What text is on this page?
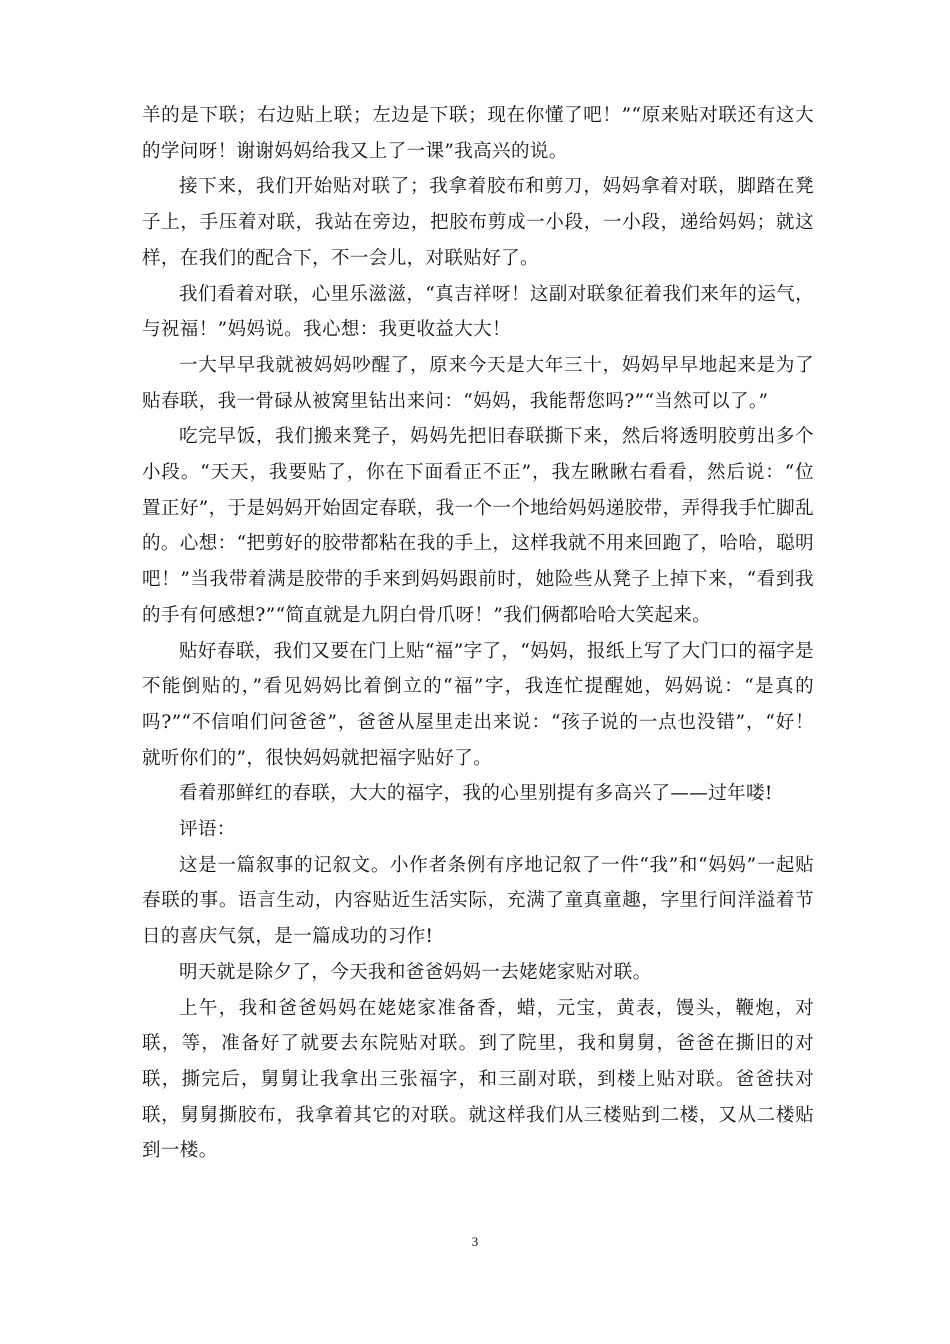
羊的是下联；右边贴上联；左边是下联；现在你懂了吧！”“原来贴对联还有这大的学问呀！谢谢妈妈给我又上了一课”我高兴的说。

接下来，我们开始贴对联了；我拿着胶布和剪刀，妈妈拿着对联，脚踏在凳子上，手压着对联，我站在旁边，把胶布剪成一小段，一小段，递给妈妈；就这样，在我们的配合下，不一会儿，对联贴好了。

我们看着对联，心里乐滋滋，“真吉祥呀！这副对联象征着我们来年的运气，与祝福！”妈妈说。我心想：我更收益大大！

一大早早我就被妈妈吵醒了，原来今天是大年三十，妈妈早早地起来是为了贴春联，我一骨碌从被窝里钻出来问：“妈妈，我能帮您吗?”“当然可以了。”

吃完早饭，我们搬来凳子，妈妈先把旧春联撕下来，然后将透明胶剪出多个小段。“天天，我要贴了，你在下面看正不正”，我左瞅瞅右看看，然后说：“位置正好”，于是妈妈开始固定春联，我一个一个地给妈妈递胶带，弄得我手忙脚乱的。心想：“把剪好的胶带都粘在我的手上，这样我就不用来回跑了，哈哈，聪明吧！”当我带着满是胶带的手来到妈妈跟前时，她险些从凳子上掉下来，“看到我的手有何感想?”“简直就是九阴白骨爪呀！”我们俩都哈哈大笑起来。

贴好春联，我们又要在门上贴“福”字了，“妈妈，报纸上写了大门口的福字是不能倒贴的，”看见妈妈比着倒立的“福”字，我连忙提醒她，妈妈说：“是真的吗?”“不信咱们问爸爸”，爸爸从屋里走出来说：“孩子说的一点也没错”，“好！就听你们的”，很快妈妈就把福字贴好了。

看着那鲜红的春联，大大的福字，我的心里别提有多高兴了——过年喽!

评语：

这是一篇叙事的记叙文。小作者条例有序地记叙了一件“我”和“妈妈”一起贴春联的事。语言生动，内容贴近生活实际，充满了童真童趣，字里行间洋溢着节日的喜庆气氛，是一篇成功的习作!

明天就是除夕了，今天我和爸爸妈妈一去姥姥家贴对联。

上午，我和爸爸妈妈在姥姥家准备香，蜡，元宝，黄表，馒头，鞭炮，对联，等，准备好了就要去东院贴对联。到了院里，我和舅舅，爸爸在撕旧的对联，撕完后，舅舅让我拿出三张福字，和三副对联，到楼上贴对联。爸爸扶对联，舅舅撕胶布，我拿着其它的对联。就这样我们从三楼贴到二楼，又从二楼贴到一楼。

3
